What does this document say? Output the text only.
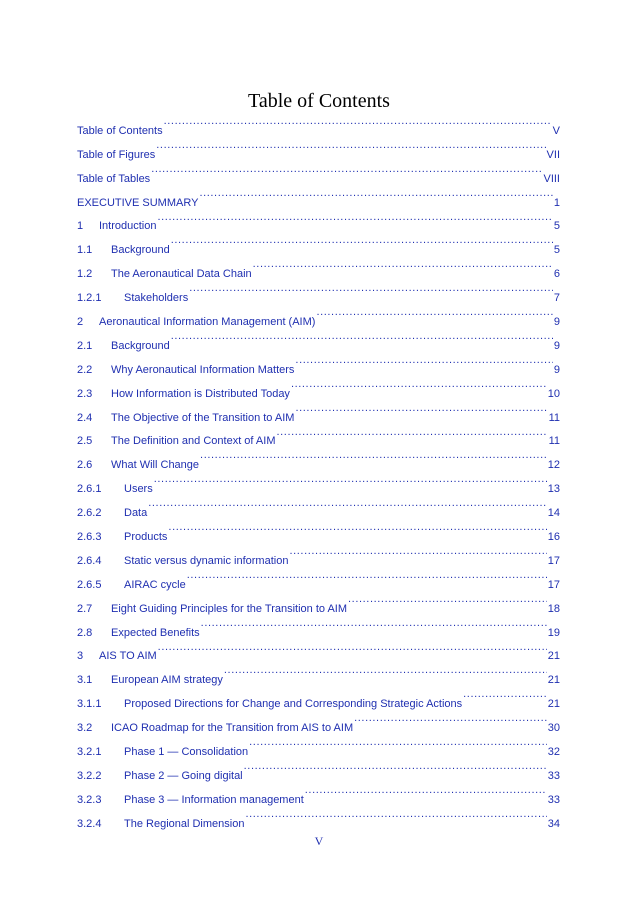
Table of Contents
Table of Contents .....	V
Table of Figures .....	VII
Table of Tables .....	VIII
EXECUTIVE SUMMARY .....	1
1	Introduction .....	5
1.1	Background .....	5
1.2	The Aeronautical Data Chain .....	6
1.2.1	Stakeholders .....	7
2	Aeronautical Information Management (AIM) .....	9
2.1	Background .....	9
2.2	Why Aeronautical Information Matters .....	9
2.3	How Information is Distributed Today .....	10
2.4	The Objective of the Transition to AIM .....	11
2.5	The Definition and Context of AIM .....	11
2.6	What Will Change .....	12
2.6.1	Users .....	13
2.6.2	Data .....	14
2.6.3	Products .....	16
2.6.4	Static versus dynamic information .....	17
2.6.5	AIRAC cycle .....	17
2.7	Eight Guiding Principles for the Transition to AIM .....	18
2.8	Expected Benefits .....	19
3	AIS TO AIM .....	21
3.1	European AIM strategy .....	21
3.1.1	Proposed Directions for Change and Corresponding Strategic Actions .....	21
3.2	ICAO Roadmap for the Transition from AIS to AIM .....	30
3.2.1	Phase 1 — Consolidation .....	32
3.2.2	Phase 2 — Going digital .....	33
3.2.3	Phase 3 — Information management .....	33
3.2.4	The Regional Dimension .....	34
V
